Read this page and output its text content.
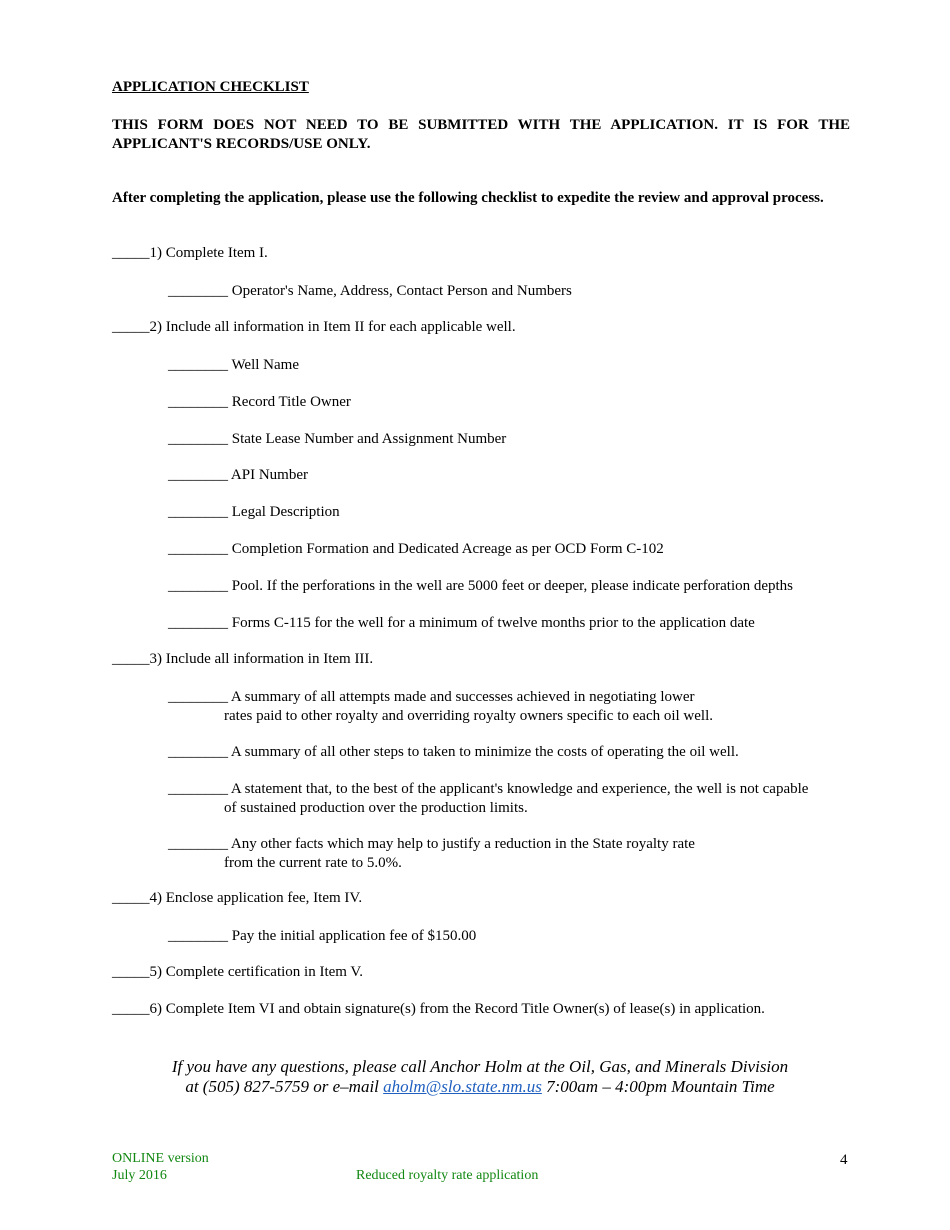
APPLICATION CHECKLIST
THIS FORM DOES NOT NEED TO BE SUBMITTED WITH THE APPLICATION. IT IS FOR THE
APPLICANT'S RECORDS/USE ONLY.
After completing the application, please use the following checklist to expedite the review and approval process.
_____1) Complete Item I.
________ Operator's Name, Address, Contact Person and Numbers
_____2) Include all information in Item II for each applicable well.
________ Well Name
________ Record Title Owner
________ State Lease Number and Assignment Number
________ API Number
________ Legal Description
________ Completion Formation and Dedicated Acreage as per OCD Form C-102
________ Pool. If the perforations in the well are 5000 feet or deeper, please indicate perforation depths
________ Forms C-115 for the well for a minimum of twelve months prior to the application date
_____3) Include all information in Item III.
________ A summary of all attempts made and successes achieved in negotiating lower
rates paid to other royalty and overriding royalty owners specific to each oil well.
________ A summary of all other steps to taken to minimize the costs of operating the oil well.
________ A statement that, to the best of the applicant's knowledge and experience, the well is not capable
of sustained production over the production limits.
________ Any other facts which may help to justify a reduction in the State royalty rate
from the current rate to 5.0%.
_____4) Enclose application fee, Item IV.
________ Pay the initial application fee of $150.00
_____5) Complete certification in Item V.
_____6) Complete Item VI and obtain signature(s) from the Record Title Owner(s) of lease(s) in application.
If you have any questions, please call Anchor Holm at the Oil, Gas, and Minerals Division
at (505) 827-5759 or e–mail aholm@slo.state.nm.us 7:00am – 4:00pm Mountain Time
ONLINE version
July 2016	Reduced royalty rate application
4
